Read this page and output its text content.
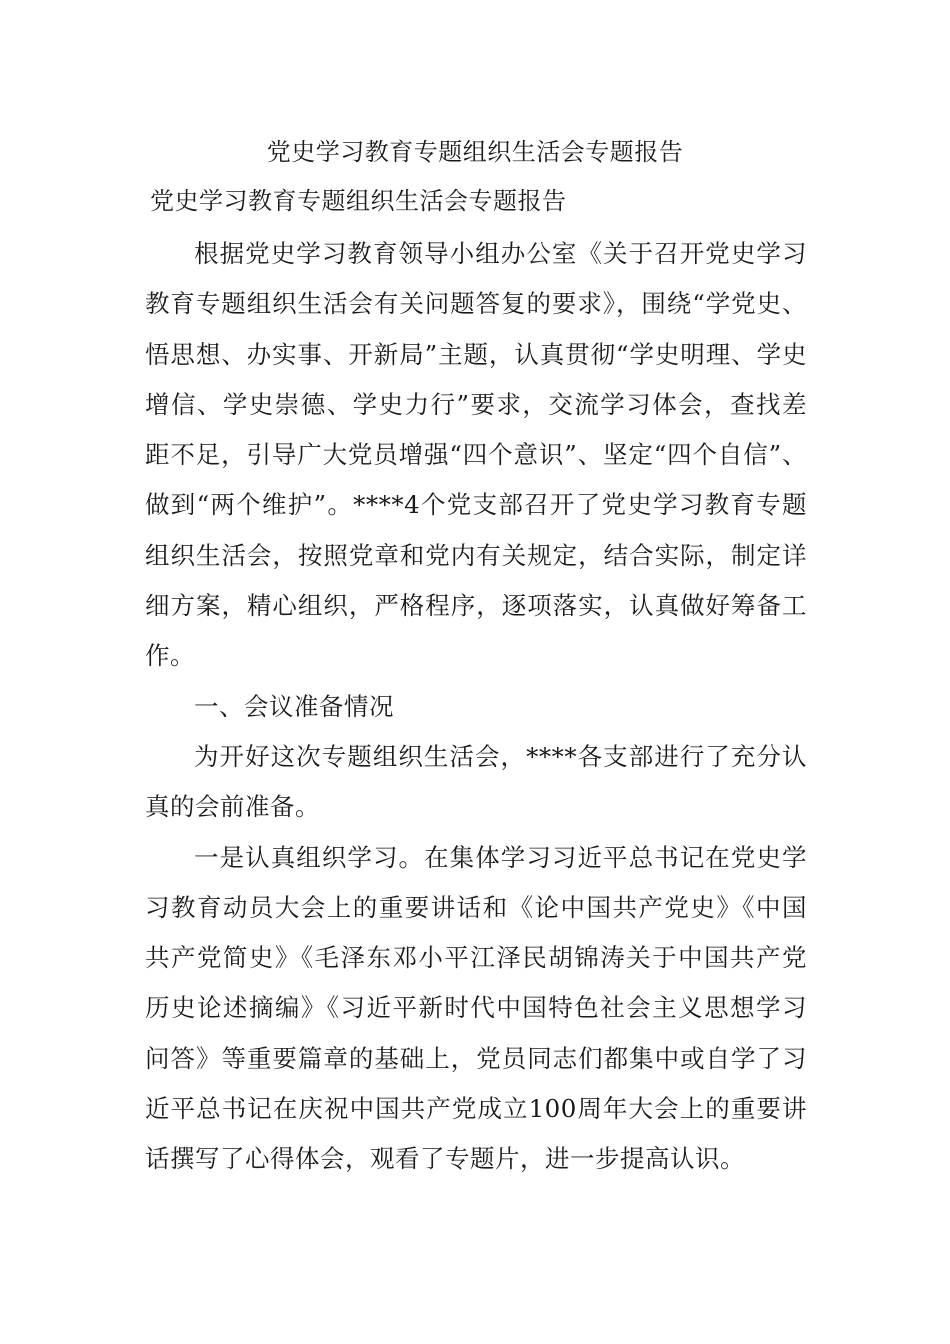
党史学习教育专题组织生活会专题报告
党史学习教育专题组织生活会专题报告

根据党史学习教育领导小组办公室《关于召开党史学习教育专题组织生活会有关问题答复的要求》，围绕“学党史、悟思想、办实事、开新局”主题，认真贯彻“学史明理、学史增信、学史崇德、学史力行”要求，交流学习体会，查找差距不足，引导广大党员增强“四个意识”、坚定“四个自信”、做到“两个维护”。****4个党支部召开了党史学习教育专题组织生活会，按照党章和党内有关规定，结合实际，制定详细方案，精心组织，严格程序，逐项落实，认真做好筹备工作。

一、会议准备情况

为开好这次专题组织生活会，****各支部进行了充分认真的会前准备。

一是认真组织学习。在集体学习习近平总书记在党史学习教育动员大会上的重要讲话和《论中国共产党史》《中国共产党简史》《毛泽东邓小平江泽民胡锦涛关于中国共产党历史论述摘编》《习近平新时代中国特色社会主义思想学习问答》等重要篇章的基础上，党员同志们都集中或自学了习近平总书记在庆祝中国共产党成立100周年大会上的重要讲话撰写了心得体会，观看了专题片，进一步提高认识。
